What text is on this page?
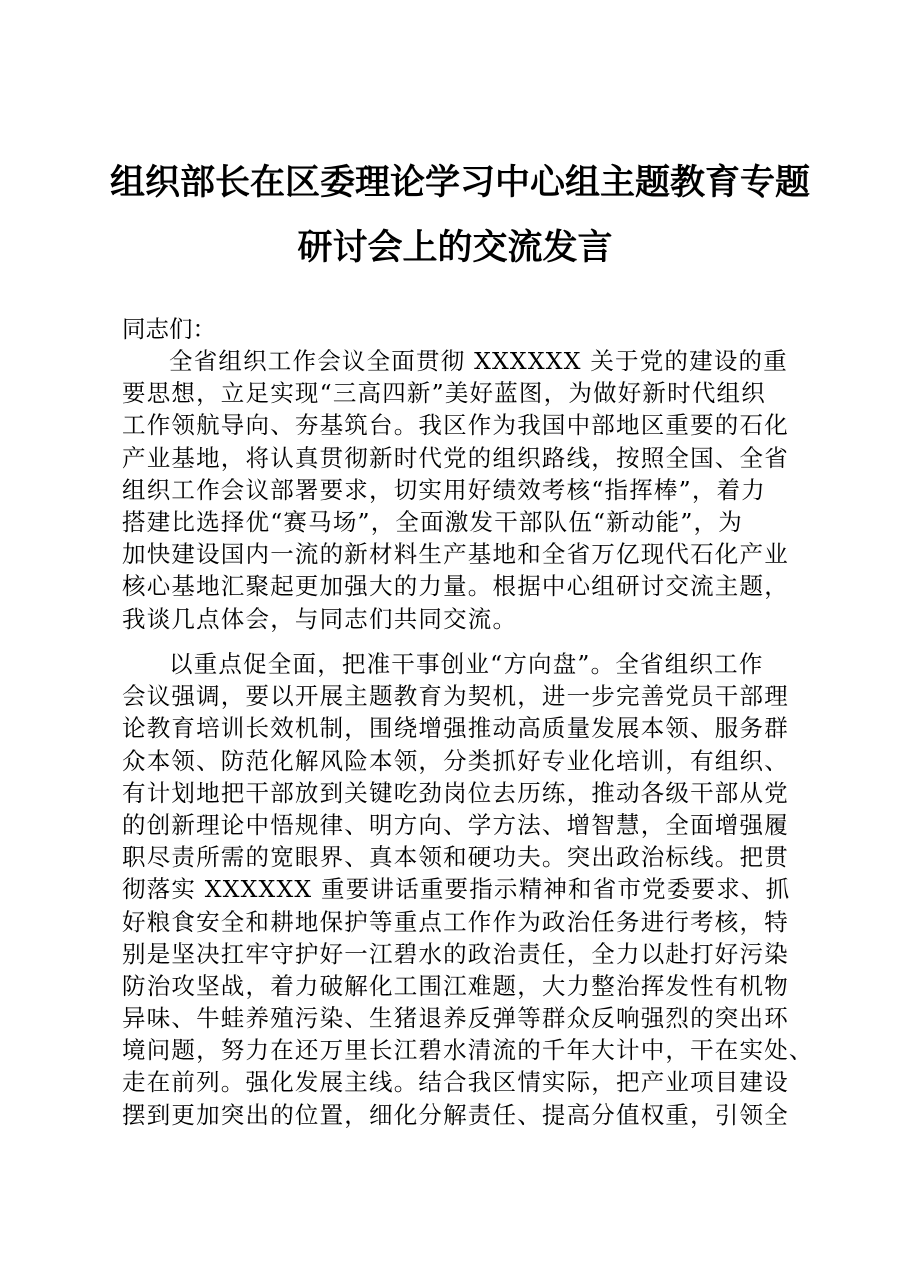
组织部长在区委理论学习中心组主题教育专题
研讨会上的交流发言
同志们：
全省组织工作会议全面贯彻 XXXXXX 关于党的建设的重
要思想，立足实现“三高四新”美好蓝图，为做好新时代组织
工作领航导向、夯基筑台。我区作为我国中部地区重要的石化
产业基地，将认真贯彻新时代党的组织路线，按照全国、全省
组织工作会议部署要求，切实用好绩效考核“指挥棒”，着力
搭建比选择优“赛马场”，全面激发干部队伍“新动能”，为
加快建设国内一流的新材料生产基地和全省万亿现代石化产业
核心基地汇聚起更加强大的力量。根据中心组研讨交流主题，
我谈几点体会，与同志们共同交流。
以重点促全面，把准干事创业“方向盘”。全省组织工作
会议强调，要以开展主题教育为契机，进一步完善党员干部理
论教育培训长效机制，围绕增强推动高质量发展本领、服务群
众本领、防范化解风险本领，分类抓好专业化培训，有组织、
有计划地把干部放到关键吃劲岗位去历练，推动各级干部从党
的创新理论中悟规律、明方向、学方法、增智慧，全面增强履
职尽责所需的宽眼界、真本领和硬功夫。突出政治标线。把贯
彻落实 XXXXXX 重要讲话重要指示精神和省市党委要求、抓
好粮食安全和耕地保护等重点工作作为政治任务进行考核，特
别是坚决扛牢守护好一江碧水的政治责任，全力以赴打好污染
防治攻坚战，着力破解化工围江难题，大力整治挥发性有机物
异味、牛蛙养殖污染、生猪退养反弹等群众反响强烈的突出环
境问题，努力在还万里长江碧水清流的千年大计中，干在实处、
走在前列。强化发展主线。结合我区情实际，把产业项目建设
摆到更加突出的位置，细化分解责任、提高分值权重，引领全
